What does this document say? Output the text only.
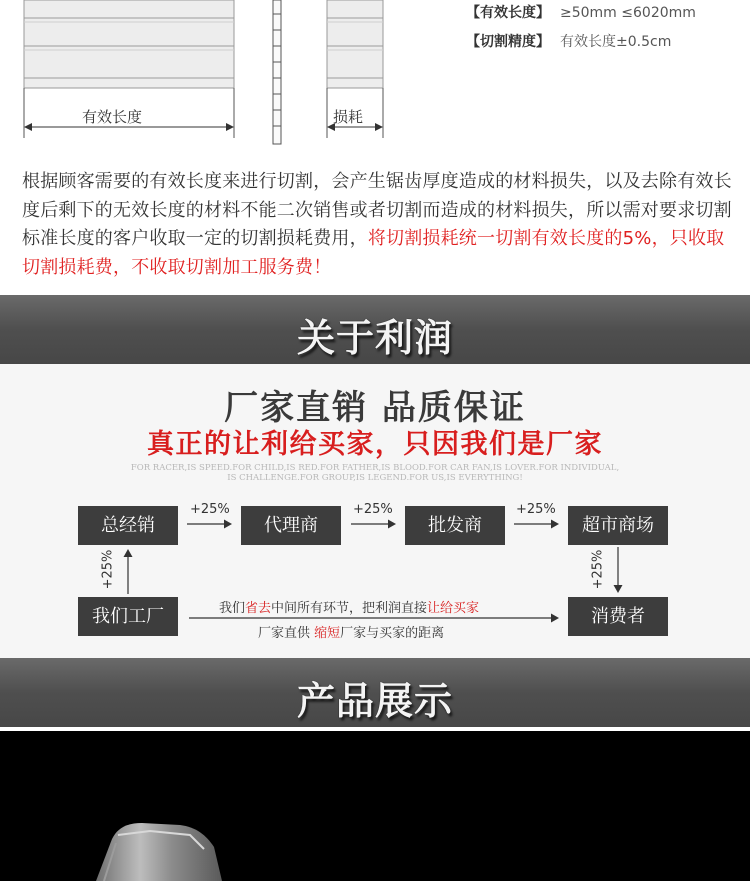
有效长度	损耗
【有效长度】 ≥50mm ≤6020mm
【切割精度】 有效长度±0.5cm

根据顾客需要的有效长度来进行切割，会产生锯齿厚度造成的材料损失，以及去除有效长度后剩下的无效长度的材料不能二次销售或者切割而造成的材料损失，所以需对要求切割标准长度的客户收取一定的切割损耗费用，将切割损耗统一切割有效长度的5%，只收取切割损耗费，不收取切割加工服务费！

关于利润
厂家直销 品质保证
真正的让利给买家，只因我们是厂家
FOR RACER,IS SPEED.FOR CHILD,IS RED.FOR FATHER,IS BLOOD.FOR CAR FAN,IS LOVER.FOR INDIVIDUAL,
IS CHALLENGE.FOR GROUP,IS LEGEND.FOR US,IS EVERYTHING!
总经销	代理商	批发商	超市商场
我们工厂	消费者
+25%	+25%	+25%
+25%	+25%
我们省去中间所有环节，把利润直接让给买家
厂家直供 缩短厂家与买家的距离
产品展示
